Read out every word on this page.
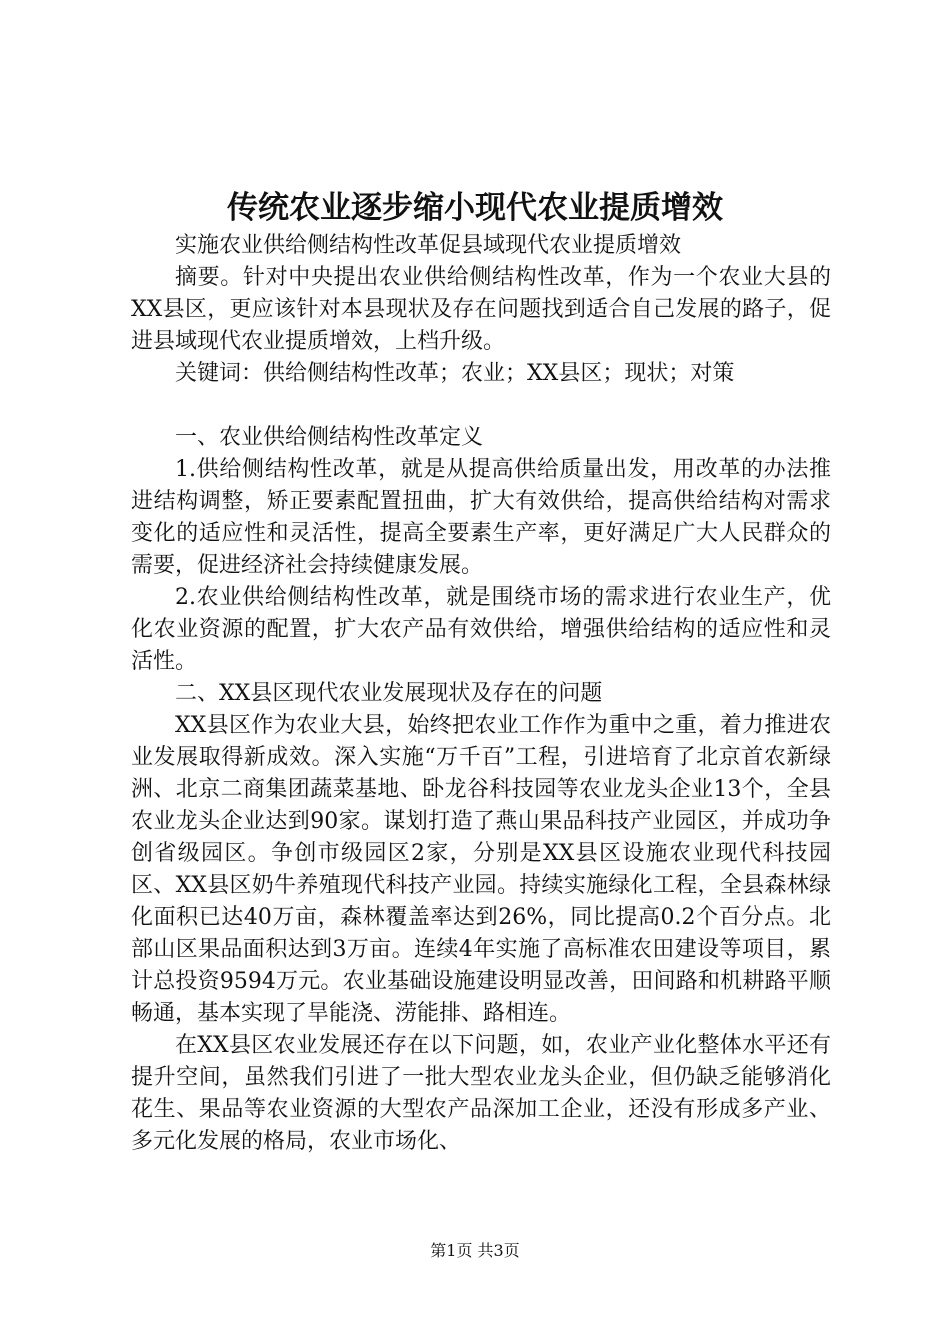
传统农业逐步缩小现代农业提质增效

实施农业供给侧结构性改革促县域现代农业提质增效

摘要。针对中央提出农业供给侧结构性改革，作为一个农业大县的XX县区，更应该针对本县现状及存在问题找到适合自己发展的路子，促进县域现代农业提质增效，上档升级。

关键词：供给侧结构性改革；农业；XX县区；现状；对策

一、农业供给侧结构性改革定义

1.供给侧结构性改革，就是从提高供给质量出发，用改革的办法推进结构调整，矫正要素配置扭曲，扩大有效供给，提高供给结构对需求变化的适应性和灵活性，提高全要素生产率，更好满足广大人民群众的需要，促进经济社会持续健康发展。

2.农业供给侧结构性改革，就是围绕市场的需求进行农业生产，优化农业资源的配置，扩大农产品有效供给，增强供给结构的适应性和灵活性。

二、XX县区现代农业发展现状及存在的问题

XX县区作为农业大县，始终把农业工作作为重中之重，着力推进农业发展取得新成效。深入实施“万千百”工程，引进培育了北京首农新绿洲、北京二商集团蔬菜基地、卧龙谷科技园等农业龙头企业13个，全县农业龙头企业达到90家。谋划打造了燕山果品科技产业园区，并成功争创省级园区。争创市级园区2家，分别是XX县区设施农业现代科技园区、XX县区奶牛养殖现代科技产业园。持续实施绿化工程，全县森林绿化面积已达40万亩，森林覆盖率达到26%，同比提高0.2个百分点。北部山区果品面积达到3万亩。连续4年实施了高标准农田建设等项目，累计总投资9594万元。农业基础设施建设明显改善，田间路和机耕路平顺畅通，基本实现了旱能浇、涝能排、路相连。

在XX县区农业发展还存在以下问题，如，农业产业化整体水平还有提升空间，虽然我们引进了一批大型农业龙头企业，但仍缺乏能够消化花生、果品等农业资源的大型农产品深加工企业，还没有形成多产业、多元化发展的格局，农业市场化、

第1页 共3页
